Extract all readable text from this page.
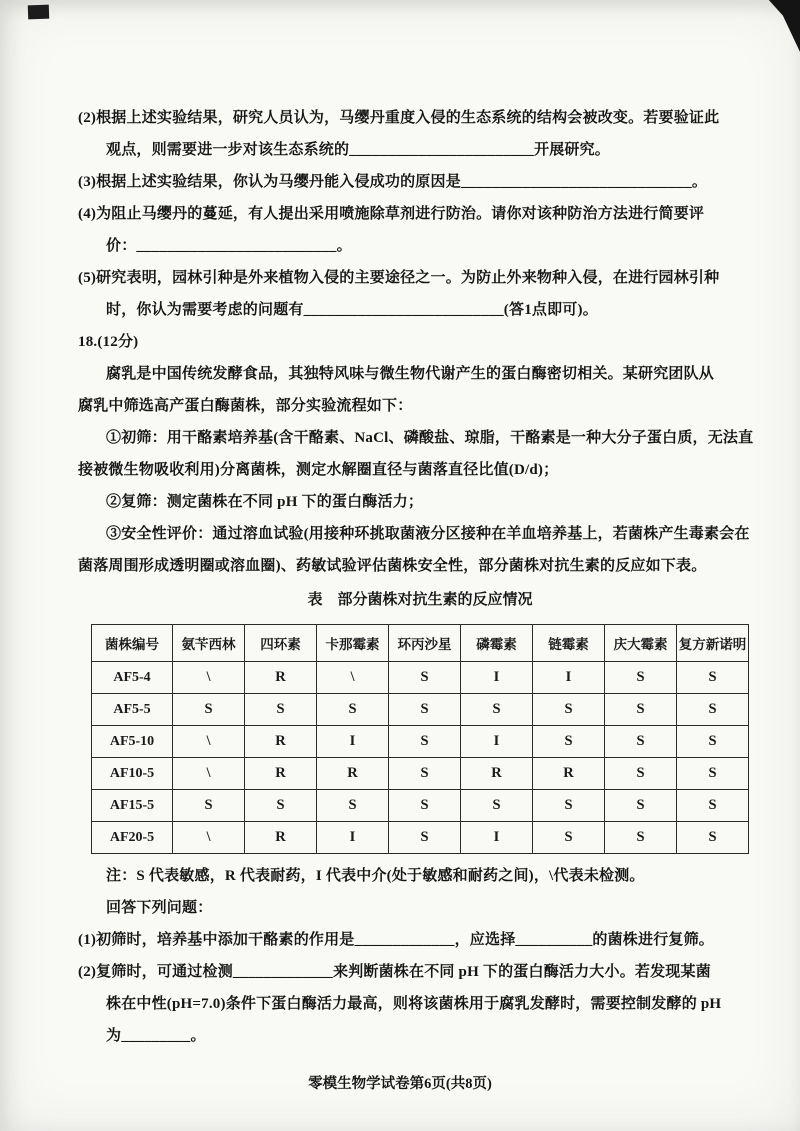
(2)根据上述实验结果，研究人员认为，马缨丹重度入侵的生态系统的结构会被改变。若要验证此
观点，则需要进一步对该生态系统的________________________开展研究。
(3)根据上述实验结果，你认为马缨丹能入侵成功的原因是______________________________。
(4)为阻止马缨丹的蔓延，有人提出采用喷施除草剂进行防治。请你对该种防治方法进行简要评
价：__________________________。
(5)研究表明，园林引种是外来植物入侵的主要途径之一。为防止外来物种入侵，在进行园林引种
时，你认为需要考虑的问题有__________________________(答1点即可)。
18.(12分)
腐乳是中国传统发酵食品，其独特风味与微生物代谢产生的蛋白酶密切相关。某研究团队从
腐乳中筛选高产蛋白酶菌株，部分实验流程如下：
①初筛：用干酪素培养基(含干酪素、NaCl、磷酸盐、琼脂，干酪素是一种大分子蛋白质，无法直
接被微生物吸收利用)分离菌株，测定水解圈直径与菌落直径比值(D/d)；
②复筛：测定菌株在不同 pH 下的蛋白酶活力；
③安全性评价：通过溶血试验(用接种环挑取菌液分区接种在羊血培养基上，若菌株产生毒素会在
菌落周围形成透明圈或溶血圈)、药敏试验评估菌株安全性，部分菌株对抗生素的反应如下表。
表　部分菌株对抗生素的反应情况
菌株编号	氨苄西林	四环素	卡那霉素	环丙沙星	磷霉素	链霉素	庆大霉素	复方新诺明
AF5-4	\	R	\	S	I	I	S	S
AF5-5	S	S	S	S	S	S	S	S
AF5-10	\	R	I	S	I	S	S	S
AF10-5	\	R	R	S	R	R	S	S
AF15-5	S	S	S	S	S	S	S	S
AF20-5	\	R	I	S	I	S	S	S
注：S 代表敏感，R 代表耐药，I 代表中介(处于敏感和耐药之间)，\代表未检测。
回答下列问题：
(1)初筛时，培养基中添加干酪素的作用是_____________，应选择__________的菌株进行复筛。
(2)复筛时，可通过检测_____________来判断菌株在不同 pH 下的蛋白酶活力大小。若发现某菌
株在中性(pH=7.0)条件下蛋白酶活力最高，则将该菌株用于腐乳发酵时，需要控制发酵的 pH
为_________。
零模生物学试卷第6页(共8页)
